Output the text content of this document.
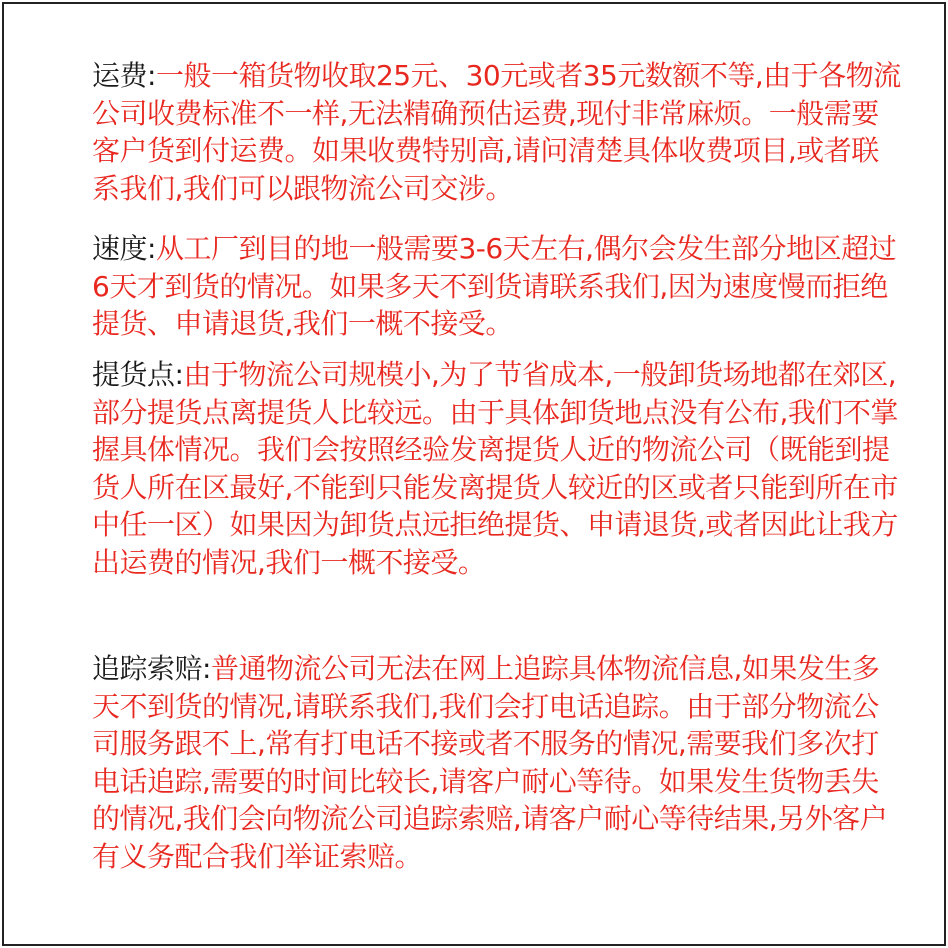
运费:一般一箱货物收取25元、30元或者35元数额不等,由于各物流公司收费标准不一样,无法精确预估运费,现付非常麻烦。一般需要客户货到付运费。如果收费特别高,请问清楚具体收费项目,或者联系我们,我们可以跟物流公司交涉。

速度:从工厂到目的地一般需要3-6天左右,偶尔会发生部分地区超过6天才到货的情况。如果多天不到货请联系我们,因为速度慢而拒绝提货、申请退货,我们一概不接受。

提货点:由于物流公司规模小,为了节省成本,一般卸货场地都在郊区,部分提货点离提货人比较远。由于具体卸货地点没有公布,我们不掌握具体情况。我们会按照经验发离提货人近的物流公司（既能到提货人所在区最好,不能到只能发离提货人较近的区或者只能到所在市中任一区）如果因为卸货点远拒绝提货、申请退货,或者因此让我方出运费的情况,我们一概不接受。

追踪索赔:普通物流公司无法在网上追踪具体物流信息,如果发生多天不到货的情况,请联系我们,我们会打电话追踪。由于部分物流公司服务跟不上,常有打电话不接或者不服务的情况,需要我们多次打电话追踪,需要的时间比较长,请客户耐心等待。如果发生货物丢失的情况,我们会向物流公司追踪索赔,请客户耐心等待结果,另外客户有义务配合我们举证索赔。
